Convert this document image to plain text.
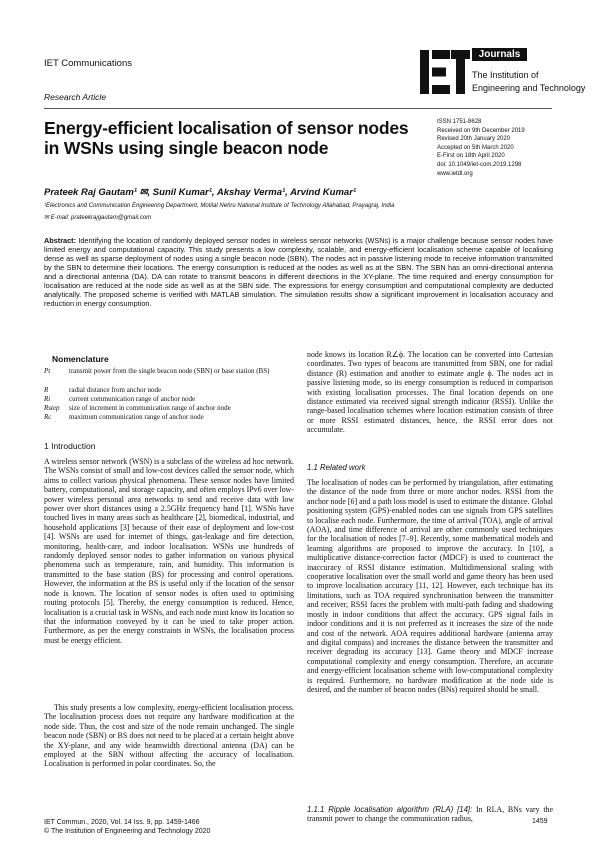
IET Communications
Research Article
Journals
The Institution of
Engineering and Technology
Energy-efficient localisation of sensor nodes
in WSNs using single beacon node
ISSN 1751-8628
Received on 9th December 2019
Revised 20th January 2020
Accepted on 5th March 2020
E-First on 18th April 2020
doi: 10.1049/iet-com.2019.1298
www.ietdl.org
Prateek Raj Gautam¹ ✉, Sunil Kumar¹, Akshay Verma¹, Arvind Kumar¹
¹Electronics and Communication Engineering Department, Motilal Nehru National Institute of Technology Allahabad, Prayagraj, India
✉ E-mail: prateekrajgautam@gmail.com
Abstract: Identifying the location of randomly deployed sensor nodes in wireless sensor networks (WSNs) is a major challenge because sensor nodes have limited energy and computational capacity. This study presents a low complexity, scalable, and energy-efficient localisation scheme capable of localising dense as well as sparse deployment of nodes using a single beacon node (SBN). The nodes act in passive listening mode to receive information transmitted by the SBN to determine their locations. The energy consumption is reduced at the nodes as well as at the SBN. The SBN has an omni-directional antenna and a directional antenna (DA). DA can rotate to transmit beacons in different directions in the XY-plane. The time required and energy consumption for localisation are reduced at the node side as well as at the SBN side. The expressions for energy consumption and computational complexity are deducted analytically. The proposed scheme is verified with MATLAB simulation. The simulation results show a significant improvement in localisation accuracy and reduction in energy consumption.
Nomenclature
Pt	transmit power from the single beacon node (SBN) or base station (BS)
R	radial distance from anchor node
Ri	current communication range of anchor node
Rstep	size of increment in communication range of anchor node
Rc	maximum communication range of anchor node
1 Introduction
A wireless sensor network (WSN) is a subclass of the wireless ad hoc network. The WSNs consist of small and low-cost devices called the sensor node, which aims to collect various physical phenomena. These sensor nodes have limited battery, computational, and storage capacity, and often employs IPv6 over low-power wireless personal area networks to send and receive data with low power over short distances using a 2.5GHz frequency band [1]. WSNs have touched lives in many areas such as healthcare [2], biomedical, industrial, and household applications [3] because of their ease of deployment and low-cost [4]. WSNs are used for internet of things, gas-leakage and fire detection, monitoring, health-care, and indoor localisation. WSNs use hundreds of randomly deployed sensor nodes to gather information on various physical phenomena such as temperature, rain, and humidity. This information is transmitted to the base station (BS) for processing and control operations. However, the information at the BS is useful only if the location of the sensor node is known. The location of sensor nodes is often used to optimising routing protocols [5]. Thereby, the energy consumption is reduced. Hence, localisation is a crucial task in WSNs, and each node must know its location so that the information conveyed by it can be used to take proper action. Furthermore, as per the energy constraints in WSNs, the localisation process must be energy efficient.
This study presents a low complexity, energy-efficient localisation process. The localisation process does not require any hardware modification at the node side. Thus, the cost and size of the node remain unchanged. The single beacon node (SBN) or BS does not need to be placed at a certain height above the XY-plane, and any wide beamwidth directional antenna (DA) can be employed at the SBN without affecting the accuracy of localisation. Localisation is performed in polar coordinates. So, the
node knows its location R∠ϕ. The location can be converted into Cartesian coordinates. Two types of beacons are transmitted from SBN, one for radial distance (R) estimation and another to estimate angle ϕ. The nodes act in passive listening mode, so its energy consumption is reduced in comparison with existing localisation processes. The final location depends on one distance estimated via received signal strength indicator (RSSI). Unlike the range-based localisation schemes where location estimation consists of three or more RSSI estimated distances, hence, the RSSI error does not accumulate.
1.1 Related work
The localisation of nodes can be performed by triangulation, after estimating the distance of the node from three or more anchor nodes. RSSI from the anchor node [6] and a path loss model is used to estimate the distance. Global positioning system (GPS)-enabled nodes can use signals from GPS satellites to localise each node. Furthermore, the time of arrival (TOA), angle of arrival (AOA), and time difference of arrival are other commonly used techniques for the localisation of nodes [7–9]. Recently, some mathematical models and learning algorithms are proposed to improve the accuracy. In [10], a multiplicative distance-correction factor (MDCF) is used to counteract the inaccuracy of RSSI distance estimation. Multidimensional scaling with cooperative localisation over the small world and game theory has been used to improve localisation accuracy [11, 12]. However, each technique has its limitations, such as TOA required synchronisation between the transmitter and receiver, RSSI faces the problem with multi-path fading and shadowing mostly in indoor conditions that affect the accuracy. GPS signal fails in indoor conditions and it is not preferred as it increases the size of the node and cost of the network. AOA requires additional hardware (antenna array and digital compass) and increases the distance between the transmitter and receiver degrading its accuracy [13]. Game theory and MDCF increase computational complexity and energy consumption. Therefore, an accurate and energy-efficient localisation scheme with low-computational complexity is required. Furthermore, no hardware modification at the node side is desired, and the number of beacon nodes (BNs) required should be small.
1.1.1 Ripple localisation algorithm (RLA) [14]: In RLA, BNs vary the transmit power to change the communication radius,
IET Commun., 2020, Vol. 14 Iss. 9, pp. 1459-1466
© The Institution of Engineering and Technology 2020
1459
